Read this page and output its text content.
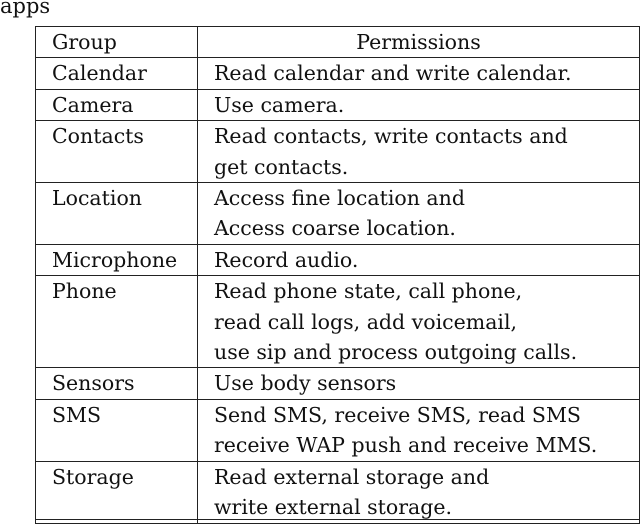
apps
Group	Permissions
Calendar	Read calendar and write calendar.

Camera	Use camera.

Contacts	Read contacts, write contacts and
get contacts.

Location	Access fine location and
Access coarse location.

Microphone	Record audio.

Phone	Read phone state, call phone,
read call logs, add voicemail,
use sip and process outgoing calls.

Sensors	Use body sensors

SMS	Send SMS, receive SMS, read SMS
receive WAP push and receive MMS.

Storage	Read external storage and
write external storage.
